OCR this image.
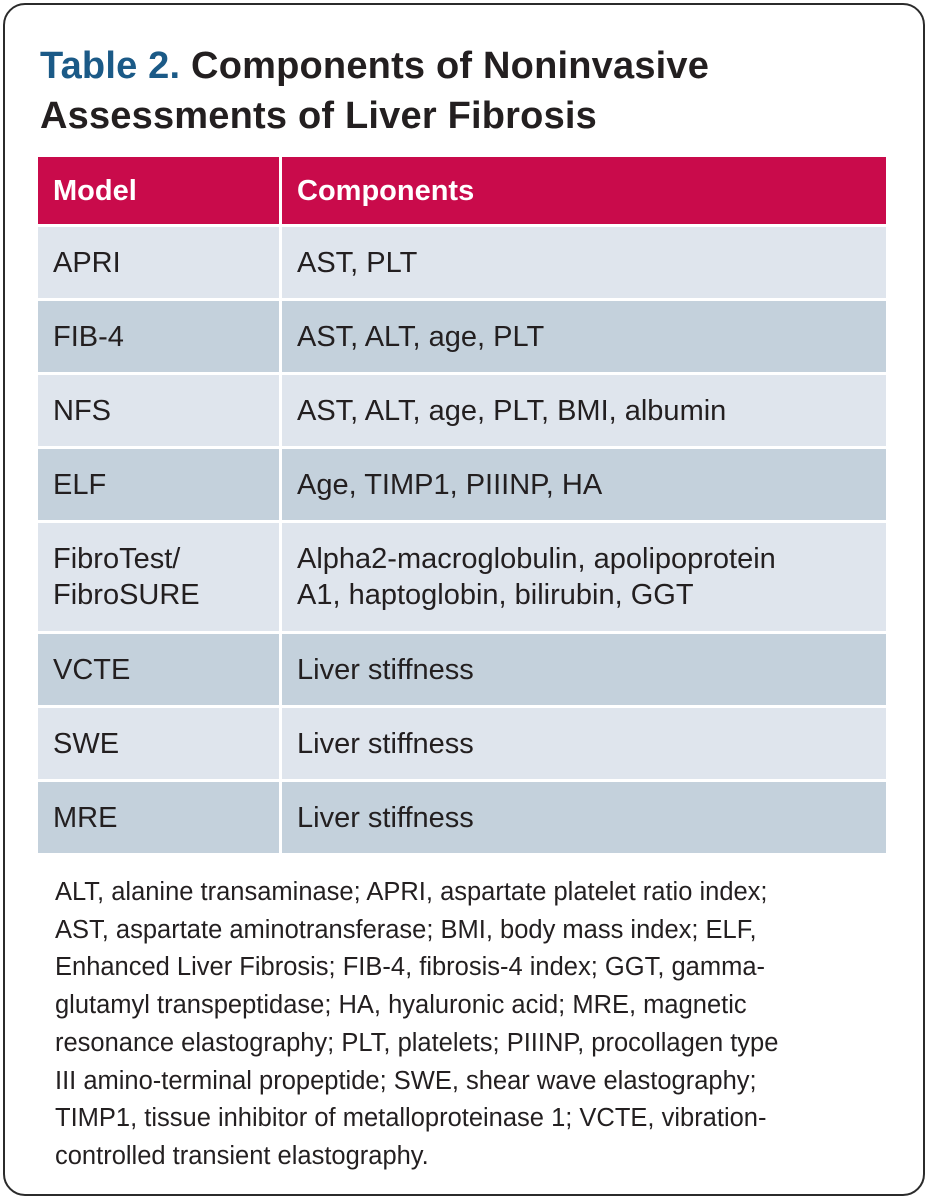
Table 2. Components of Noninvasive Assessments of Liver Fibrosis
Model	Components
APRI	AST, PLT
FIB-4	AST, ALT, age, PLT
NFS	AST, ALT, age, PLT, BMI, albumin
ELF	Age, TIMP1, PIIINP, HA
FibroTest/
FibroSURE	Alpha2-macroglobulin, apolipoprotein
A1, haptoglobin, bilirubin, GGT
VCTE	Liver stiffness
SWE	Liver stiffness
MRE	Liver stiffness

ALT, alanine transaminase; APRI, aspartate platelet ratio index;
AST, aspartate aminotransferase; BMI, body mass index; ELF,
Enhanced Liver Fibrosis; FIB-4, fibrosis-4 index; GGT, gamma-
glutamyl transpeptidase; HA, hyaluronic acid; MRE, magnetic
resonance elastography; PLT, platelets; PIIINP, procollagen type
III amino-terminal propeptide; SWE, shear wave elastography;
TIMP1, tissue inhibitor of metalloproteinase 1; VCTE, vibration-
controlled transient elastography.
